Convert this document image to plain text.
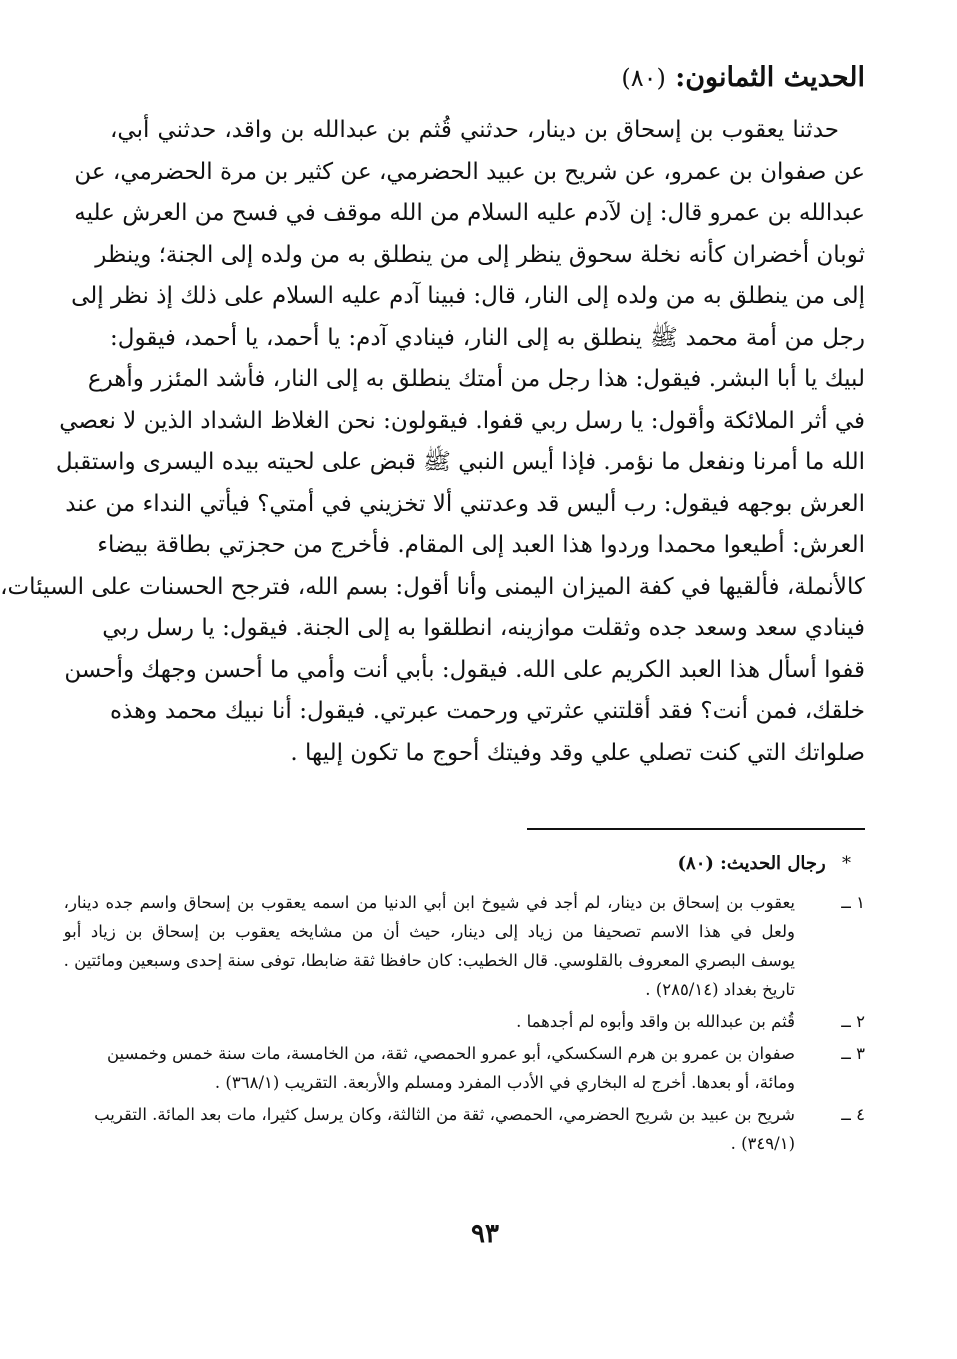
الحديث الثمانون: (٨٠)
حدثنا يعقوب بن إسحاق بن دينار، حدثني قُثم بن عبدالله بن واقد، حدثني أبي،
عن صفوان بن عمرو، عن شريح بن عبيد الحضرمي، عن كثير بن مرة الحضرمي، عن
عبدالله بن عمرو قال: إن لآدم عليه السلام من الله موقف في فسح من العرش عليه
ثوبان أخضران كأنه نخلة سحوق ينظر إلى من ينطلق به من ولده إلى الجنة؛ وينظر
إلى من ينطلق به من ولده إلى النار، قال: فبينا آدم عليه السلام على ذلك إذ نظر إلى
رجل من أمة محمد ﷺ ينطلق به إلى النار، فينادي آدم: يا أحمد، يا أحمد، فيقول:
لبيك يا أبا البشر. فيقول: هذا رجل من أمتك ينطلق به إلى النار، فأشد المئزر وأهرع
في أثر الملائكة وأقول: يا رسل ربي قفوا. فيقولون: نحن الغلاظ الشداد الذين لا نعصي
الله ما أمرنا ونفعل ما نؤمر. فإذا أيس النبي ﷺ قبض على لحيته بيده اليسرى واستقبل
العرش بوجهه فيقول: رب أليس قد وعدتني ألا تخزيني في أمتي؟ فيأتي النداء من عند
العرش: أطيعوا محمدا وردوا هذا العبد إلى المقام. فأخرج من حجزتي بطاقة بيضاء
كالأنملة، فألقيها في كفة الميزان اليمنى وأنا أقول: بسم الله، فترجح الحسنات على السيئات،
فينادي سعد وسعد جده وثقلت موازينه، انطلقوا به إلى الجنة. فيقول: يا رسل ربي
قفوا أسأل هذا العبد الكريم على الله. فيقول: بأبي أنت وأمي ما أحسن وجهك وأحسن
خلقك، فمن أنت؟ فقد أقلتني عثرتي ورحمت عبرتي. فيقول: أنا نبيك محمد وهذه
صلواتك التي كنت تصلي علي وقد وفيتك أحوج ما تكون إليها .
* رجال الحديث: (٨٠)
١ ــ
يعقوب بن إسحاق بن دينار، لم أجد في شيوخ ابن أبي الدنيا من اسمه يعقوب بن إسحاق واسم جده دينار،
ولعل في هذا الاسم تصحيفا من زياد إلى دينار، حيث أن من مشايخه يعقوب بن إسحاق بن زياد أبو
يوسف البصري المعروف بالقلوسي. قال الخطيب: كان حافظا ثقة ضابطا، توفى سنة إحدى وسبعين ومائتين .
تاريخ بغداد (٢٨٥/١٤) .
٢ ــ
قُثم بن عبدالله بن واقد وأبوه لم أجدهما .
٣ ــ
صفوان بن عمرو بن هرم السكسكي، أبو عمرو الحمصي، ثقة، من الخامسة، مات سنة خمس وخمسين
ومائة، أو بعدها. أخرج له البخاري في الأدب المفرد ومسلم والأربعة. التقريب (٣٦٨/١) .
٤ ــ
شريح بن عبيد بن شريح الحضرمي، الحمصي، ثقة من الثالثة، وكان يرسل كثيرا، مات بعد المائة. التقريب
(٣٤٩/١) .
٩٣
